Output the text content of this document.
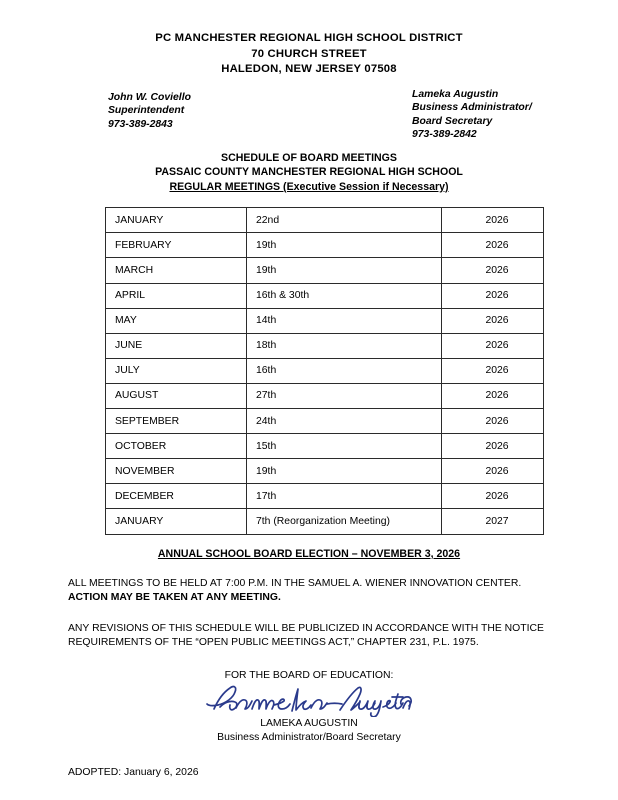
PC MANCHESTER REGIONAL HIGH SCHOOL DISTRICT
70 CHURCH STREET
HALEDON, NEW JERSEY 07508
John W. Coviello
Superintendent
973-389-2843
Lameka Augustin
Business Administrator/
Board Secretary
973-389-2842
SCHEDULE OF BOARD MEETINGS
PASSAIC COUNTY MANCHESTER REGIONAL HIGH SCHOOL
REGULAR MEETINGS (Executive Session if Necessary)
JANUARY	22nd	2026
FEBRUARY	19th	2026
MARCH	19th	2026
APRIL	16th & 30th	2026
MAY	14th	2026
JUNE	18th	2026
JULY	16th	2026
AUGUST	27th	2026
SEPTEMBER	24th	2026
OCTOBER	15th	2026
NOVEMBER	19th	2026
DECEMBER	17th	2026
JANUARY	7th (Reorganization Meeting)	2027
ANNUAL SCHOOL BOARD ELECTION – NOVEMBER 3, 2026
ALL MEETINGS TO BE HELD AT 7:00 P.M. IN THE SAMUEL A. WIENER INNOVATION CENTER.
ACTION MAY BE TAKEN AT ANY MEETING.
ANY REVISIONS OF THIS SCHEDULE WILL BE PUBLICIZED IN ACCORDANCE WITH THE NOTICE REQUIREMENTS OF THE “OPEN PUBLIC MEETINGS ACT,” CHAPTER 231, P.L. 1975.
FOR THE BOARD OF EDUCATION:
LAMEKA AUGUSTIN
Business Administrator/Board Secretary
ADOPTED: January 6, 2026
